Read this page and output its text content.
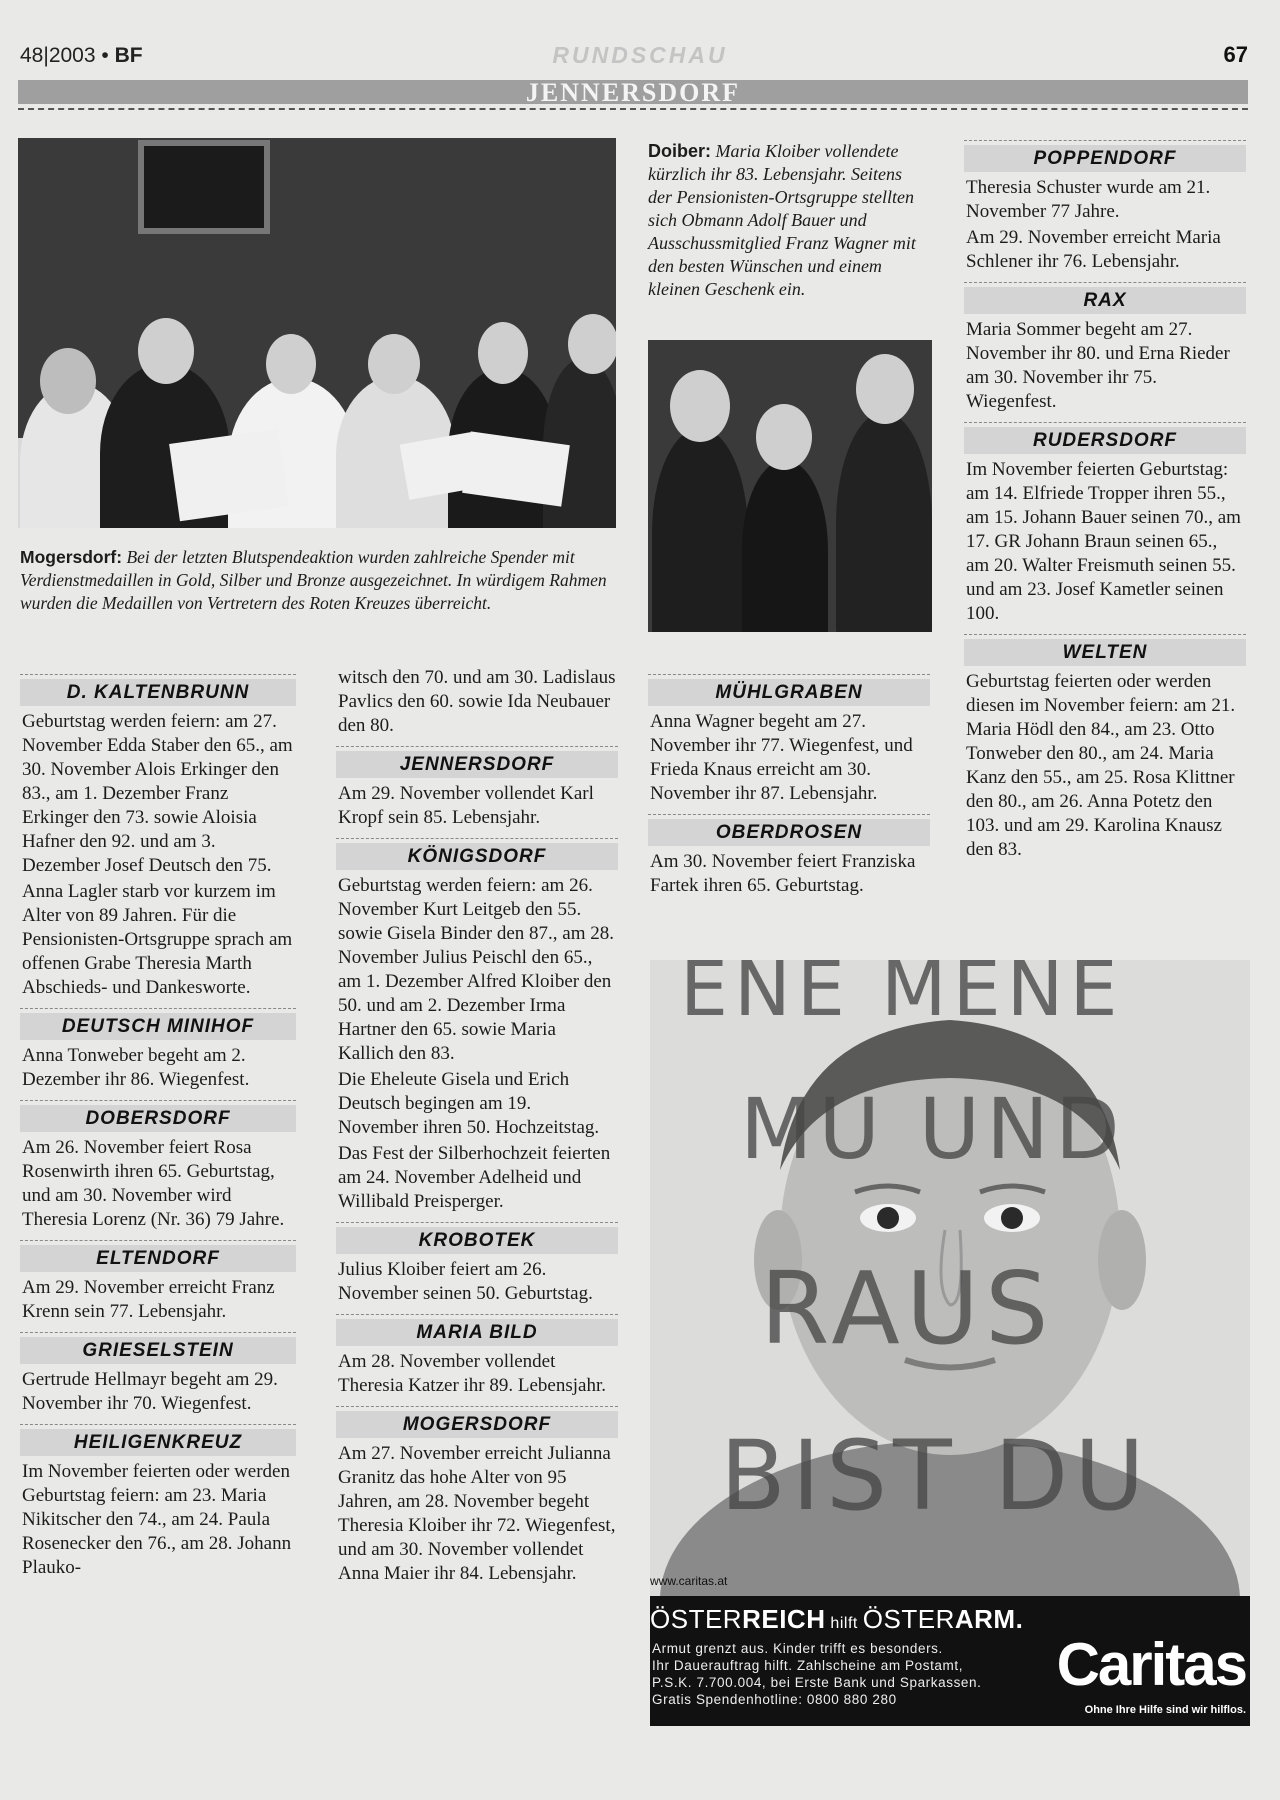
48|2003 • BF	RUNDSCHAU	67
JENNERSDORF
Mogersdorf: Bei der letzten Blutspendeaktion wurden zahlreiche Spender mit Verdienstmedaillen in Gold, Silber und Bronze ausgezeichnet. In würdigem Rahmen wurden die Medaillen von Vertretern des Roten Kreuzes überreicht.
Doiber: Maria Kloiber vollendete kürzlich ihr 83. Lebensjahr. Seitens der Pensionisten-Ortsgruppe stellten sich Obmann Adolf Bauer und Ausschussmitglied Franz Wagner mit den besten Wünschen und einem kleinen Geschenk ein.
D. KALTENBRUNN
Geburtstag werden feiern: am 27. November Edda Staber den 65., am 30. November Alois Erkinger den 83., am 1. Dezember Franz Erkinger den 73. sowie Aloisia Hafner den 92. und am 3. Dezember Josef Deutsch den 75.
Anna Lagler starb vor kurzem im Alter von 89 Jahren. Für die Pensionisten-Ortsgruppe sprach am offenen Grabe Theresia Marth Abschieds- und Dankesworte.
DEUTSCH MINIHOF
Anna Tonweber begeht am 2. Dezember ihr 86. Wiegenfest.
DOBERSDORF
Am 26. November feiert Rosa Rosenwirth ihren 65. Geburtstag, und am 30. November wird Theresia Lorenz (Nr. 36) 79 Jahre.
ELTENDORF
Am 29. November erreicht Franz Krenn sein 77. Lebensjahr.
GRIESELSTEIN
Gertrude Hellmayr begeht am 29. November ihr 70. Wiegenfest.
HEILIGENKREUZ
Im November feierten oder werden Geburtstag feiern: am 23. Maria Nikitscher den 74., am 24. Paula Rosenecker den 76., am 28. Johann Plauko-
witsch den 70. und am 30. Ladislaus Pavlics den 60. sowie Ida Neubauer den 80.
JENNERSDORF
Am 29. November vollendet Karl Kropf sein 85. Lebensjahr.
KÖNIGSDORF
Geburtstag werden feiern: am 26. November Kurt Leitgeb den 55. sowie Gisela Binder den 87., am 28. November Julius Peischl den 65., am 1. Dezember Alfred Kloiber den 50. und am 2. Dezember Irma Hartner den 65. sowie Maria Kallich den 83.
Die Eheleute Gisela und Erich Deutsch begingen am 19. November ihren 50. Hochzeitstag.
Das Fest der Silberhochzeit feierten am 24. November Adelheid und Willibald Preisperger.
KROBOTEK
Julius Kloiber feiert am 26. November seinen 50. Geburtstag.
MARIA BILD
Am 28. November vollendet Theresia Katzer ihr 89. Lebensjahr.
MOGERSDORF
Am 27. November erreicht Julianna Granitz das hohe Alter von 95 Jahren, am 28. November begeht Theresia Kloiber ihr 72. Wiegenfest, und am 30. November vollendet Anna Maier ihr 84. Lebensjahr.
MÜHLGRABEN
Anna Wagner begeht am 27. November ihr 77. Wiegenfest, und Frieda Knaus erreicht am 30. November ihr 87. Lebensjahr.
OBERDROSEN
Am 30. November feiert Franziska Fartek ihren 65. Geburtstag.
POPPENDORF
Theresia Schuster wurde am 21. November 77 Jahre.
Am 29. November erreicht Maria Schlener ihr 76. Lebensjahr.
RAX
Maria Sommer begeht am 27. November ihr 80. und Erna Rieder am 30. November ihr 75. Wiegenfest.
RUDERSDORF
Im November feierten Geburtstag: am 14. Elfriede Tropper ihren 55., am 15. Johann Bauer seinen 70., am 17. GR Johann Braun seinen 65., am 20. Walter Freismuth seinen 55. und am 23. Josef Kametler seinen 100.
WELTEN
Geburtstag feierten oder werden diesen im November feiern: am 21. Maria Hödl den 84., am 23. Otto Tonweber den 80., am 24. Maria Kanz den 55., am 25. Rosa Klittner den 80., am 26. Anna Potetz den 103. und am 29. Karolina Knausz den 83.
ENE MENE
MU UND
RAUS
BIST DU
www.caritas.at
ÖSTERREICH hilft ÖSTERARM.
Armut grenzt aus. Kinder trifft es besonders.
Ihr Dauerauftrag hilft. Zahlscheine am Postamt,
P.S.K. 7.700.004, bei Erste Bank und Sparkassen.
Gratis Spendenhotline: 0800 880 280
Caritas
Ohne Ihre Hilfe sind wir hilflos.
